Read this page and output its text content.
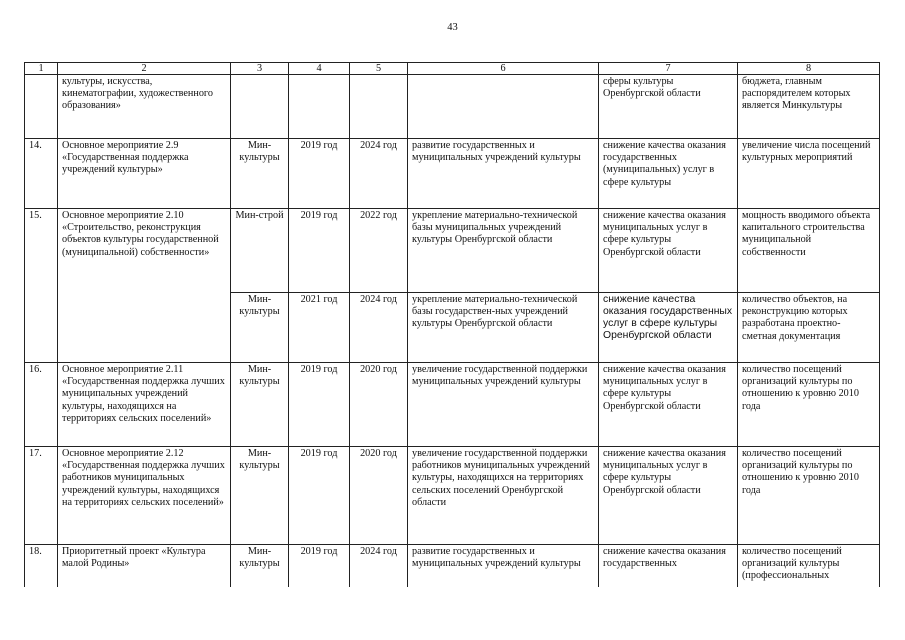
43
1	2	3	4	5	6	7	8
	культуры, искусства, кинематографии, художественного образования»					сферы культуры Оренбургской области	бюджета, главным распорядителем которых является Минкультуры
14.	Основное мероприятие 2.9 «Государственная поддержка учреждений культуры»	Мин-культуры	2019 год	2024 год	развитие государственных и муниципальных учреждений культуры	снижение качества оказания государственных (муниципальных) услуг в сфере культуры	увеличение числа посещений культурных мероприятий
15.	Основное мероприятие 2.10 «Строительство, реконструкция объектов культуры государственной (муниципальной) собственности»	Мин-строй	2019 год	2022 год	укрепление материально-технической базы муниципальных учреждений культуры Оренбургской области	снижение качества оказания муниципальных услуг в сфере культуры Оренбургской области	мощность вводимого объекта капитального строительства муниципальной собственности
		Мин-культуры	2021 год	2024 год	укрепление материально-технической базы государствен-ных учреждений культуры Оренбургской области	снижение качества оказания государственных услуг в сфере культуры Оренбургской области	количество объектов, на реконструкцию которых разработана проектно-сметная документация
16.	Основное мероприятие 2.11 «Государственная поддержка лучших муниципальных учреждений культуры, находящихся на территориях сельских поселений»	Мин-культуры	2019 год	2020 год	увеличение государственной поддержки муниципальных учреждений культуры	снижение качества оказания муниципальных услуг в сфере культуры Оренбургской области	количество посещений организаций культуры по отношению к уровню 2010 года
17.	Основное мероприятие 2.12 «Государственная поддержка лучших работников муниципальных учреждений культуры, находящихся на территориях сельских поселений»	Мин-культуры	2019 год	2020 год	увеличение государственной поддержки работников муниципальных учреждений культуры, находящихся на территориях сельских поселений Оренбургской области	снижение качества оказания муниципальных услуг в сфере культуры Оренбургской области	количество посещений организаций культуры по отношению к уровню 2010 года
18.	Приоритетный проект «Культура малой Родины»	Мин-культуры	2019 год	2024 год	развитие государственных и муниципальных учреждений культуры	снижение качества оказания государственных	количество посещений организаций культуры (профессиональных
